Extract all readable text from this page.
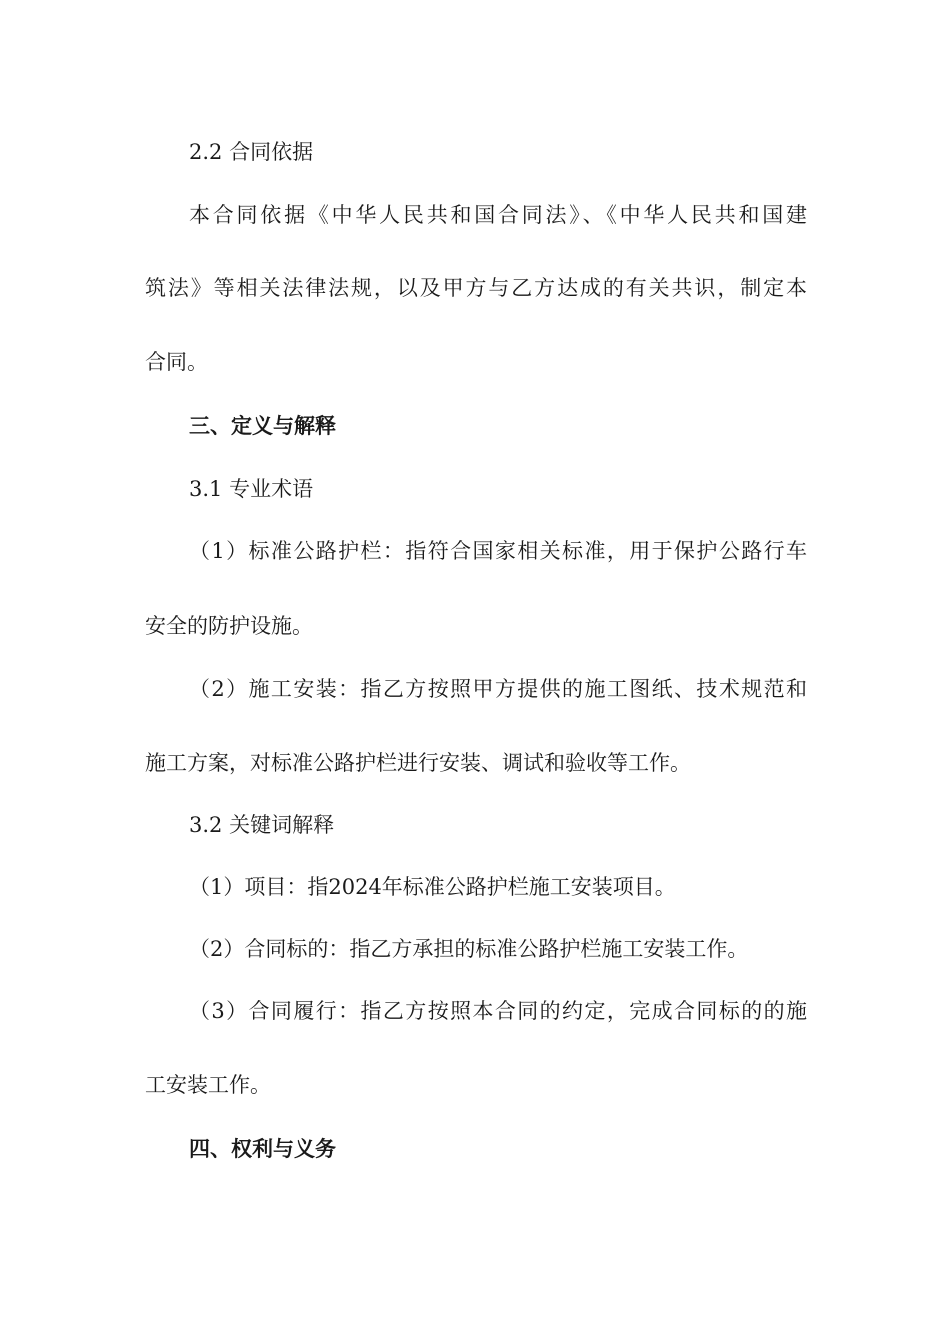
2.2 合同依据
本合同依据《中华人民共和国合同法》、《中华人民共和国建
筑法》等相关法律法规，以及甲方与乙方达成的有关共识，制定本
合同。
三、定义与解释
3.1 专业术语
（1）标准公路护栏：指符合国家相关标准，用于保护公路行车
安全的防护设施。
（2）施工安装：指乙方按照甲方提供的施工图纸、技术规范和
施工方案，对标准公路护栏进行安装、调试和验收等工作。
3.2 关键词解释
（1）项目：指2024年标准公路护栏施工安装项目。
（2）合同标的：指乙方承担的标准公路护栏施工安装工作。
（3）合同履行：指乙方按照本合同的约定，完成合同标的的施
工安装工作。
四、权利与义务
